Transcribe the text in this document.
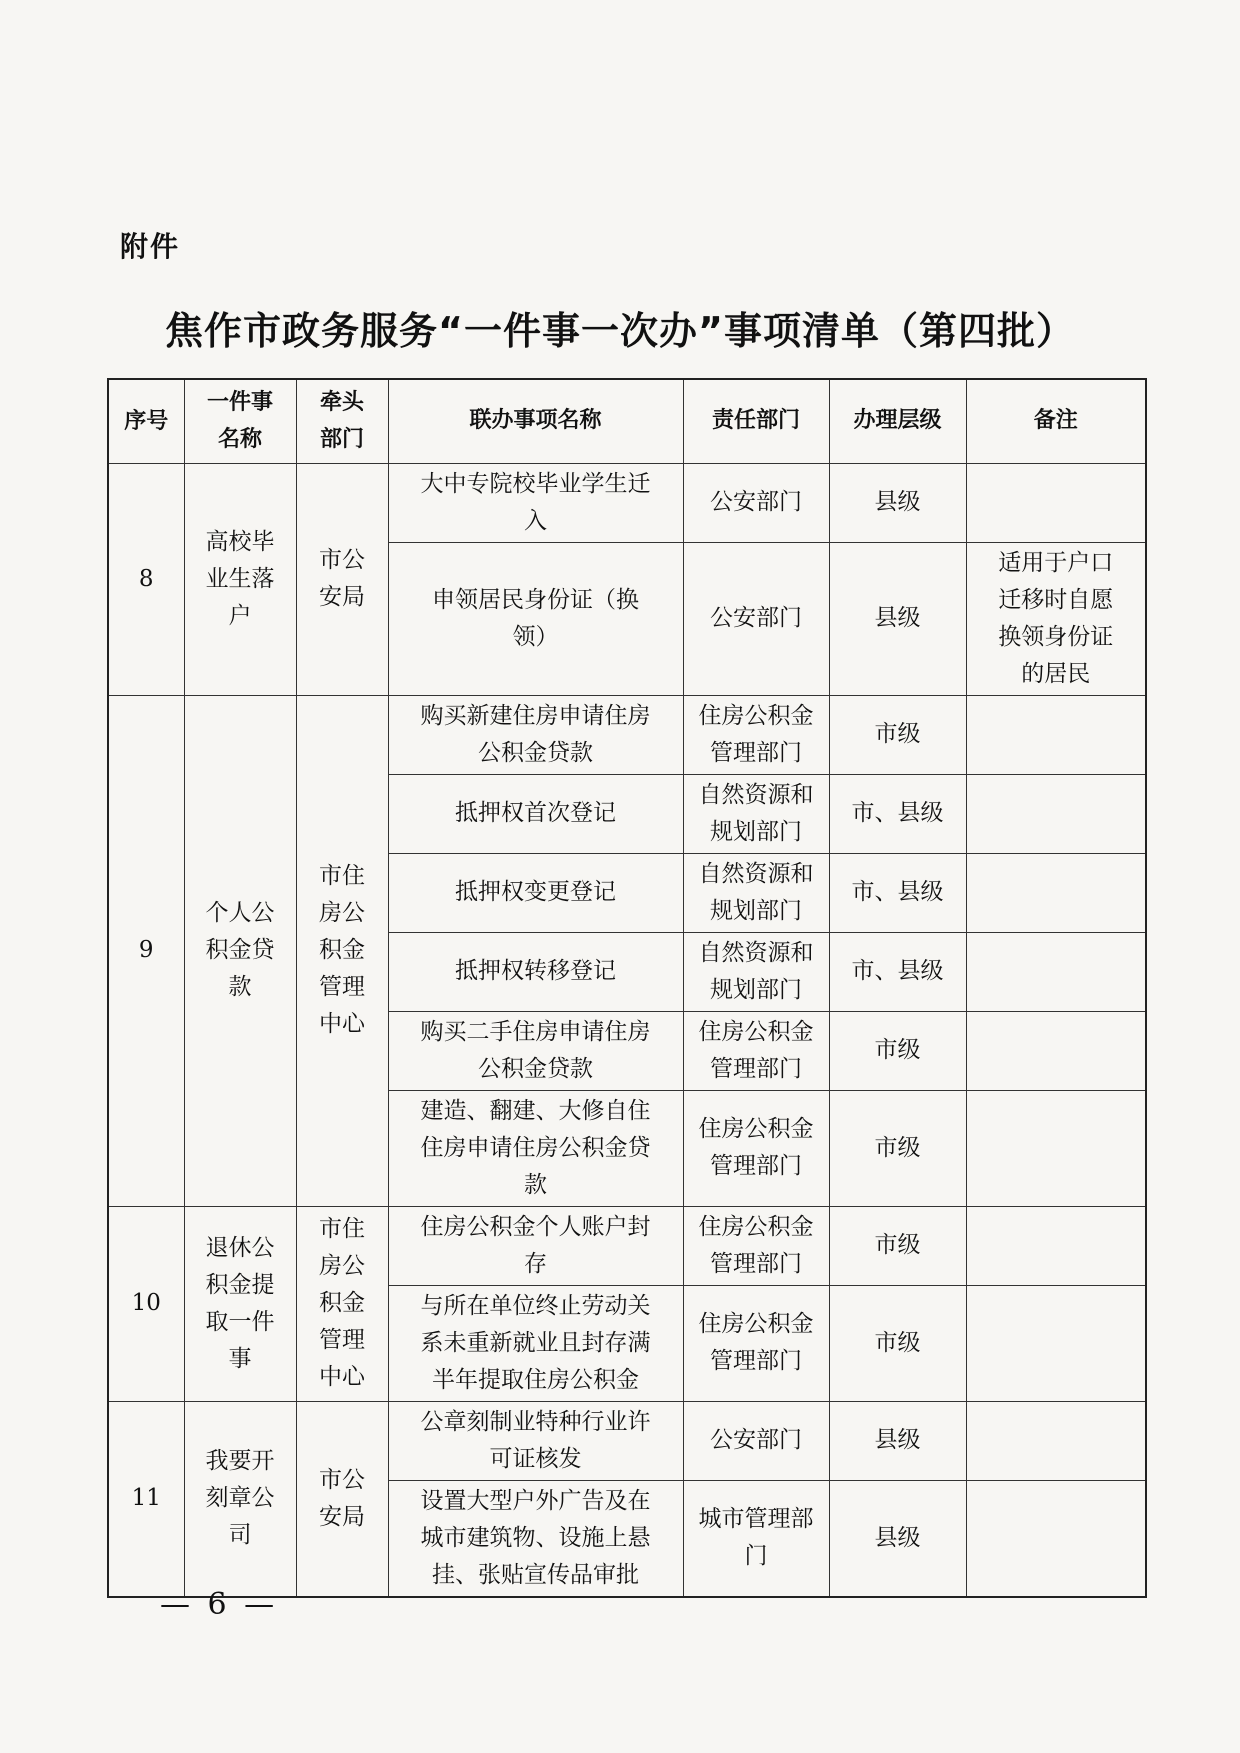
附件
焦作市政务服务“一件事一次办”事项清单（第四批）
序号	一件事名称	牵头部门	联办事项名称	责任部门	办理层级	备注
8	高校毕业生落户	市公安局	大中专院校毕业学生迁入	公安部门	县级	
			申领居民身份证（换领）	公安部门	县级	适用于户口迁移时自愿换领身份证的居民
9	个人公积金贷款	市住房公积金管理中心	购买新建住房申请住房公积金贷款	住房公积金管理部门	市级	
			抵押权首次登记	自然资源和规划部门	市、县级	
			抵押权变更登记	自然资源和规划部门	市、县级	
			抵押权转移登记	自然资源和规划部门	市、县级	
			购买二手住房申请住房公积金贷款	住房公积金管理部门	市级	
			建造、翻建、大修自住住房申请住房公积金贷款	住房公积金管理部门	市级	
10	退休公积金提取一件事	市住房公积金管理中心	住房公积金个人账户封存	住房公积金管理部门	市级	
			与所在单位终止劳动关系未重新就业且封存满半年提取住房公积金	住房公积金管理部门	市级	
11	我要开刻章公司	市公安局	公章刻制业特种行业许可证核发	公安部门	县级	
			设置大型户外广告及在城市建筑物、设施上悬挂、张贴宣传品审批	城市管理部门	县级	
— 6 —
